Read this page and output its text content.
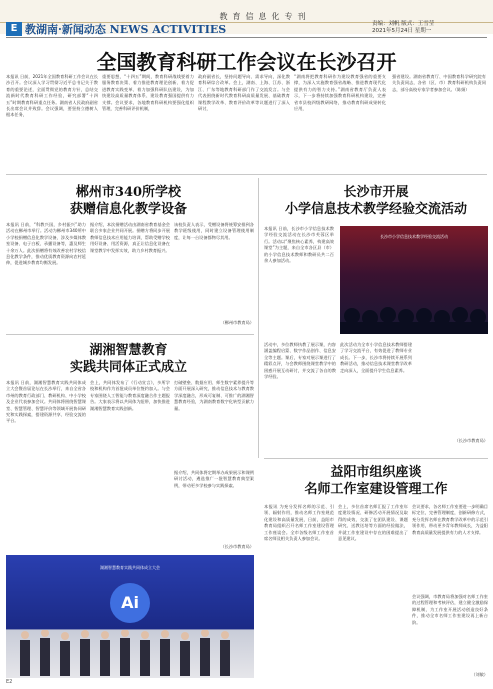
教育信息化专刊
E 教湖南·新闻动态 NEWS ACTIVITIES	责编：刘帆 版式：王雪莹
2021年5月24日 星期一
全国教育科研工作会议在长沙召开
本报讯 日前，2021年全国教育科研工作会议在长沙召开。会议深入学习贯彻习近平总书记关于教育的重要论述，全面贯彻党的教育方针，总结交流新时代教育科研工作经验，研究部署“十四五”时期教育科研重点任务。湖南省人民政府副省长出席会议并致辞。会议强调，要坚持立德树人根本任务，
重要思想，“十四五”期间，教育科研战线要着力服务教育决策、着力推进教育理论创新、着力促进教育实践变革、着力加强科研队伍建设，为加快建设高质量教育体系、建设教育强国提供有力支撑。会议要求，各地教育科研机构要强化组织管理，完善科研评价机制，
政府副省长，坚持问题导向、需求导向，深化教育科研综合改革。会上，湖南、上海、江苏、浙江、广东等地教育科研部门作了交流发言。与会代表围绕新时代教育科研高质量发展、基础教育课程教学改革、教育评价改革等议题进行了深入研讨，
“湖南将把教育科研作为建设教育强省的重要支撑，为深入实施教育强省战略、推进教育现代化提供有力的智力支持。”湖南省教育厅负责人表示，下一步将持续加强教育科研机构建设，完善省市县校四级教研网络，推动教育科研成果转化应用，
强省建设。湖南省教育厅、中国教育科学研究院有关负责同志，各省（区、市）教育科研机构负责同志，部分高校专家学者参加会议。（陈娟）
郴州市340所学校
获赠信息化教学设备
本报讯 日前，“科教兴国，乡村振兴”助力活动在郴州市举行。活动为郴州市340所中小学校捐赠信息化教学设备，涉及多媒体教室设备、电子白板、录播设备等，惠及师生十余万人。此次捐赠将有效改善农村学校信息化教学条件，推动优质教育资源向农村延伸，促进城乡教育均衡发展。
据介绍，本次捐赠活动由湖南省教育基金会联合多家企业共同开展。捐赠方将同步开展教师信息技术应用能力培训，帮助受赠学校用好设备、用活资源，真正让信息化设备在课堂教学中发挥实效，助力乡村教育振兴。
该校负责人表示，受赠设备将统筹安排到各教学班级使用，同时建立设备管理使用制度，让每一台设备都物尽其用。
（郴州市教育局）
湖湘智慧教育
实践共同体正式成立
本报讯 日前，湖湘智慧教育实践共同体成立大会暨首届论坛在长沙举行，来自全省各市州的教育行政部门、教研机构、中小学校及企业代表参加会议。共同体将围绕智慧课堂、智慧管理、智慧评价等领域开展协同研究和实践探索，搭建资源共享、经验交流的平台。
会上，共同体发布了《行动宣言》，多所学校和机构作为首批成员单位签约加入。与会专家围绕人工智能与教育深度融合作主题报告。大家表示将以共同体为纽带，加快推进湖湘智慧教育实践创新。
打破壁垒、数据应用、师生数字素养提升等方面开展深入研究，推动信息技术与教育教学深度融合，形成可复制、可推广的湖湘智慧教育经验，为湖南教育数字化转型贡献力量。
据介绍，共同体将定期举办成果展示和课例研讨活动，遴选推广一批智慧教育典型案例，带动更多学校参与实践探索。
（长沙市教育局）
湖湘智慧教育实践共同体成立大会
Ai
长沙市开展
小学信息技术教学经验交流活动
本报讯 日前，长沙市小学信息技术教学经验交流活动在长沙市芙蓉区举行。活动以“聚焦核心素养，构建高效课堂”为主题，来自全市各区县（市）的小学信息技术教师和教研员共二百余人参加活动。
长沙市小学信息技术教学经验交流活动
活动中，多位教师执教了展示课，内容涵盖编程启蒙、数字作品创作、信息安全等主题。课后，专家对展示课进行了精彩点评，与会教师围绕课堂教学中的困惑开展互动研讨，并交流了各自的教学经验。
此次活动为全市小学信息技术教师搭建了学习交流平台，有效促进了教师专业成长。下一步，长沙市将持续开展系列教研活动，推动信息技术课堂教学改革走向深入，全面提升学生信息素养。
（长沙市教育局）
益阳市组织座谈
名师工作室建设管理工作
本报讯 为充分发挥名师的示范、引领、辐射作用，推动名师工作室规范化建设和高质量发展，日前，益阳市教育局组织召开名师工作室建设管理工作座谈会。全市各级名师工作室首席名师及相关负责人参加会议。
会上，多位首席名师汇报了工作室年度建设情况、研修活动开展情况及取得的成效，交流了在团队建设、课题研究、送教送培等方面的经验做法，并就工作室建设中存在的困难提出了意见建议。
会议要求，各名师工作室要进一步明确目标定位，完善管理制度，创新研修方式，充分发挥名师在教育教学改革中的示范引领作用，带动更多青年教师成长，为益阳教育高质量发展提供有力的人才支撑。
会议强调，市教育局将加强对名师工作室的过程管理和考核评估，建立健全激励保障机制，为工作室开展活动创造良好条件，推动全市名师工作室建设再上新台阶。
（刘敏）
E2
